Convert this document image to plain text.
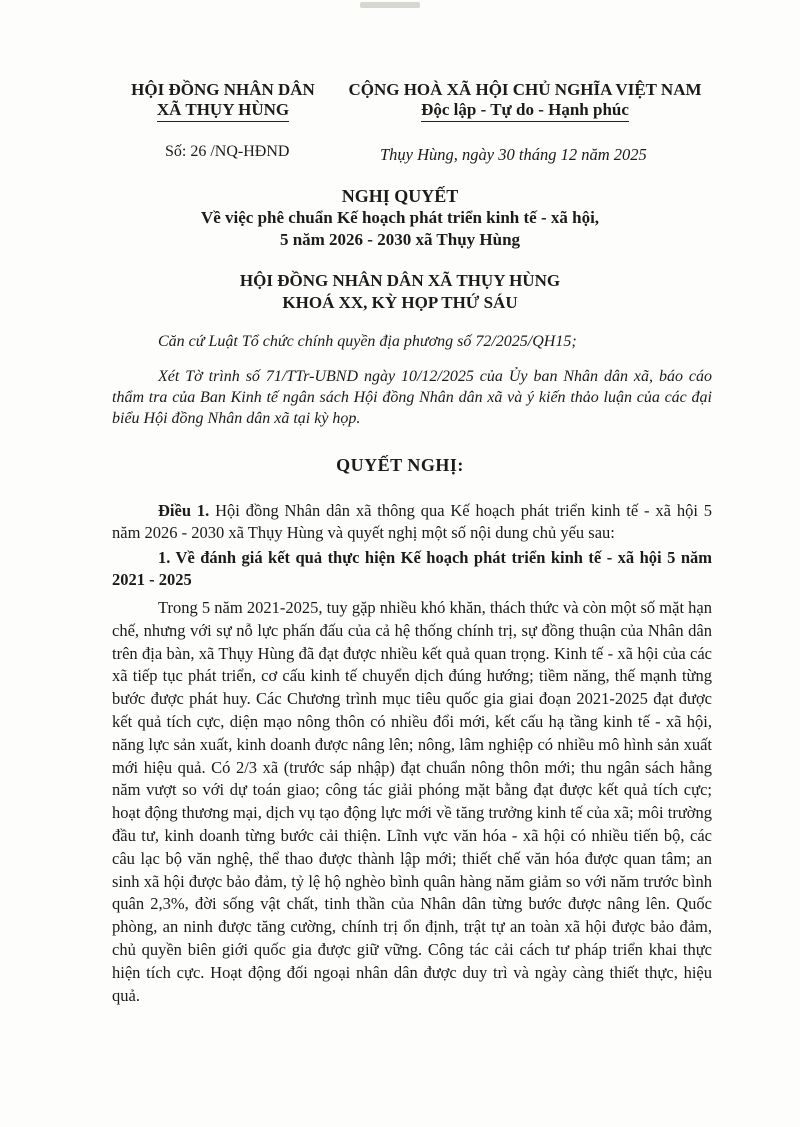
HỘI ĐỒNG NHÂN DÂN
XÃ THỤY HÙNG
CỘNG HOÀ XÃ HỘI CHỦ NGHĨA VIỆT NAM
Độc lập - Tự do - Hạnh phúc
Số: 26 /NQ-HĐND	Thụy Hùng, ngày 30 tháng 12 năm 2025
NGHỊ QUYẾT
Về việc phê chuẩn Kế hoạch phát triển kinh tế - xã hội,
5 năm 2026 - 2030 xã Thụy Hùng
HỘI ĐỒNG NHÂN DÂN XÃ THỤY HÙNG
KHOÁ XX, KỲ HỌP THỨ SÁU
Căn cứ Luật Tổ chức chính quyền địa phương số 72/2025/QH15;
Xét Tờ trình số 71/TTr-UBND ngày 10/12/2025 của Ủy ban Nhân dân xã, báo cáo thẩm tra của Ban Kinh tế ngân sách Hội đồng Nhân dân xã và ý kiến thảo luận của các đại biểu Hội đồng Nhân dân xã tại kỳ họp.
QUYẾT NGHỊ:
Điều 1. Hội đồng Nhân dân xã thông qua Kế hoạch phát triển kinh tế - xã hội 5 năm 2026 - 2030 xã Thụy Hùng và quyết nghị một số nội dung chủ yếu sau:
1. Về đánh giá kết quả thực hiện Kế hoạch phát triển kinh tế - xã hội 5 năm 2021 - 2025
Trong 5 năm 2021-2025, tuy gặp nhiều khó khăn, thách thức và còn một số mặt hạn chế, nhưng với sự nỗ lực phấn đấu của cả hệ thống chính trị, sự đồng thuận của Nhân dân trên địa bàn, xã Thụy Hùng đã đạt được nhiều kết quả quan trọng. Kinh tế - xã hội của các xã tiếp tục phát triển, cơ cấu kinh tế chuyển dịch đúng hướng; tiềm năng, thế mạnh từng bước được phát huy. Các Chương trình mục tiêu quốc gia giai đoạn 2021-2025 đạt được kết quả tích cực, diện mạo nông thôn có nhiều đổi mới, kết cấu hạ tầng kinh tế - xã hội, năng lực sản xuất, kinh doanh được nâng lên; nông, lâm nghiệp có nhiều mô hình sản xuất mới hiệu quả. Có 2/3 xã (trước sáp nhập) đạt chuẩn nông thôn mới; thu ngân sách hằng năm vượt so với dự toán giao; công tác giải phóng mặt bằng đạt được kết quả tích cực; hoạt động thương mại, dịch vụ tạo động lực mới về tăng trưởng kinh tế của xã; môi trường đầu tư, kinh doanh từng bước cải thiện. Lĩnh vực văn hóa - xã hội có nhiều tiến bộ, các câu lạc bộ văn nghệ, thể thao được thành lập mới; thiết chế văn hóa được quan tâm; an sinh xã hội được bảo đảm, tỷ lệ hộ nghèo bình quân hàng năm giảm so với năm trước bình quân 2,3%, đời sống vật chất, tinh thần của Nhân dân từng bước được nâng lên. Quốc phòng, an ninh được tăng cường, chính trị ổn định, trật tự an toàn xã hội được bảo đảm, chủ quyền biên giới quốc gia được giữ vững. Công tác cải cách tư pháp triển khai thực hiện tích cực. Hoạt động đối ngoại nhân dân được duy trì và ngày càng thiết thực, hiệu quả.
